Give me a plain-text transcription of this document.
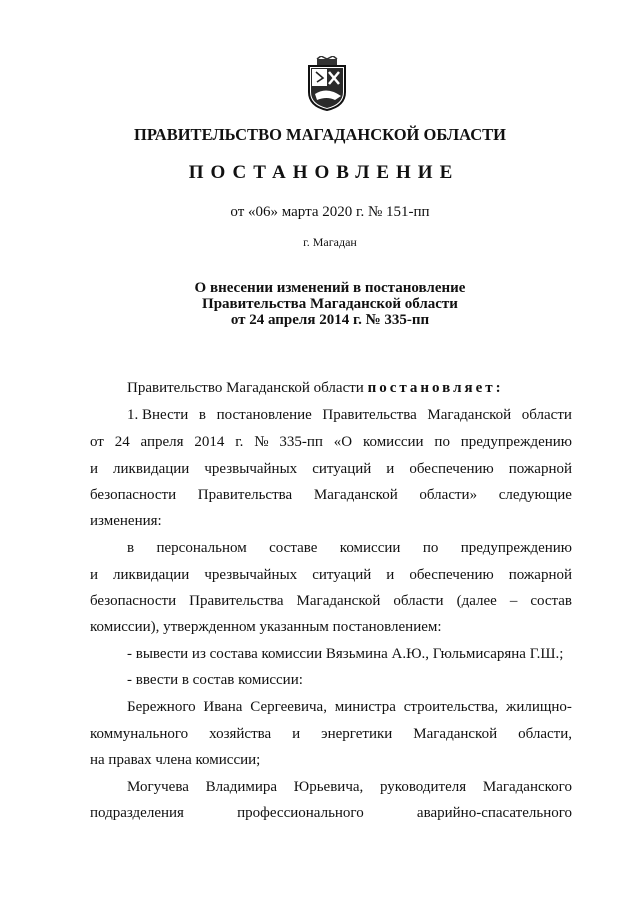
ПРАВИТЕЛЬСТВО МАГАДАНСКОЙ ОБЛАСТИ
ПОСТАНОВЛЕНИЕ
от «06» марта 2020 г. № 151-пп
г. Магадан
О внесении изменений в постановление
Правительства Магаданской области
от 24 апреля 2014 г. № 335-пп
Правительство Магаданской области постановляет:
1. Внести в постановление Правительства Магаданской области
от 24 апреля 2014 г. № 335-пп «О комиссии по предупреждению
и ликвидации чрезвычайных ситуаций и обеспечению пожарной
безопасности Правительства Магаданской области» следующие
изменения:
в персональном составе комиссии по предупреждению
и ликвидации чрезвычайных ситуаций и обеспечению пожарной
безопасности Правительства Магаданской области (далее – состав
комиссии), утвержденном указанным постановлением:
- вывести из состава комиссии Вязьмина А.Ю., Гюльмисаряна Г.Ш.;
- ввести в состав комиссии:
Бережного Ивана Сергеевича, министра строительства, жилищно-
коммунального хозяйства и энергетики Магаданской области,
на правах члена комиссии;
Могучева Владимира Юрьевича, руководителя Магаданского
подразделения	профессионального	аварийно-спасательного
